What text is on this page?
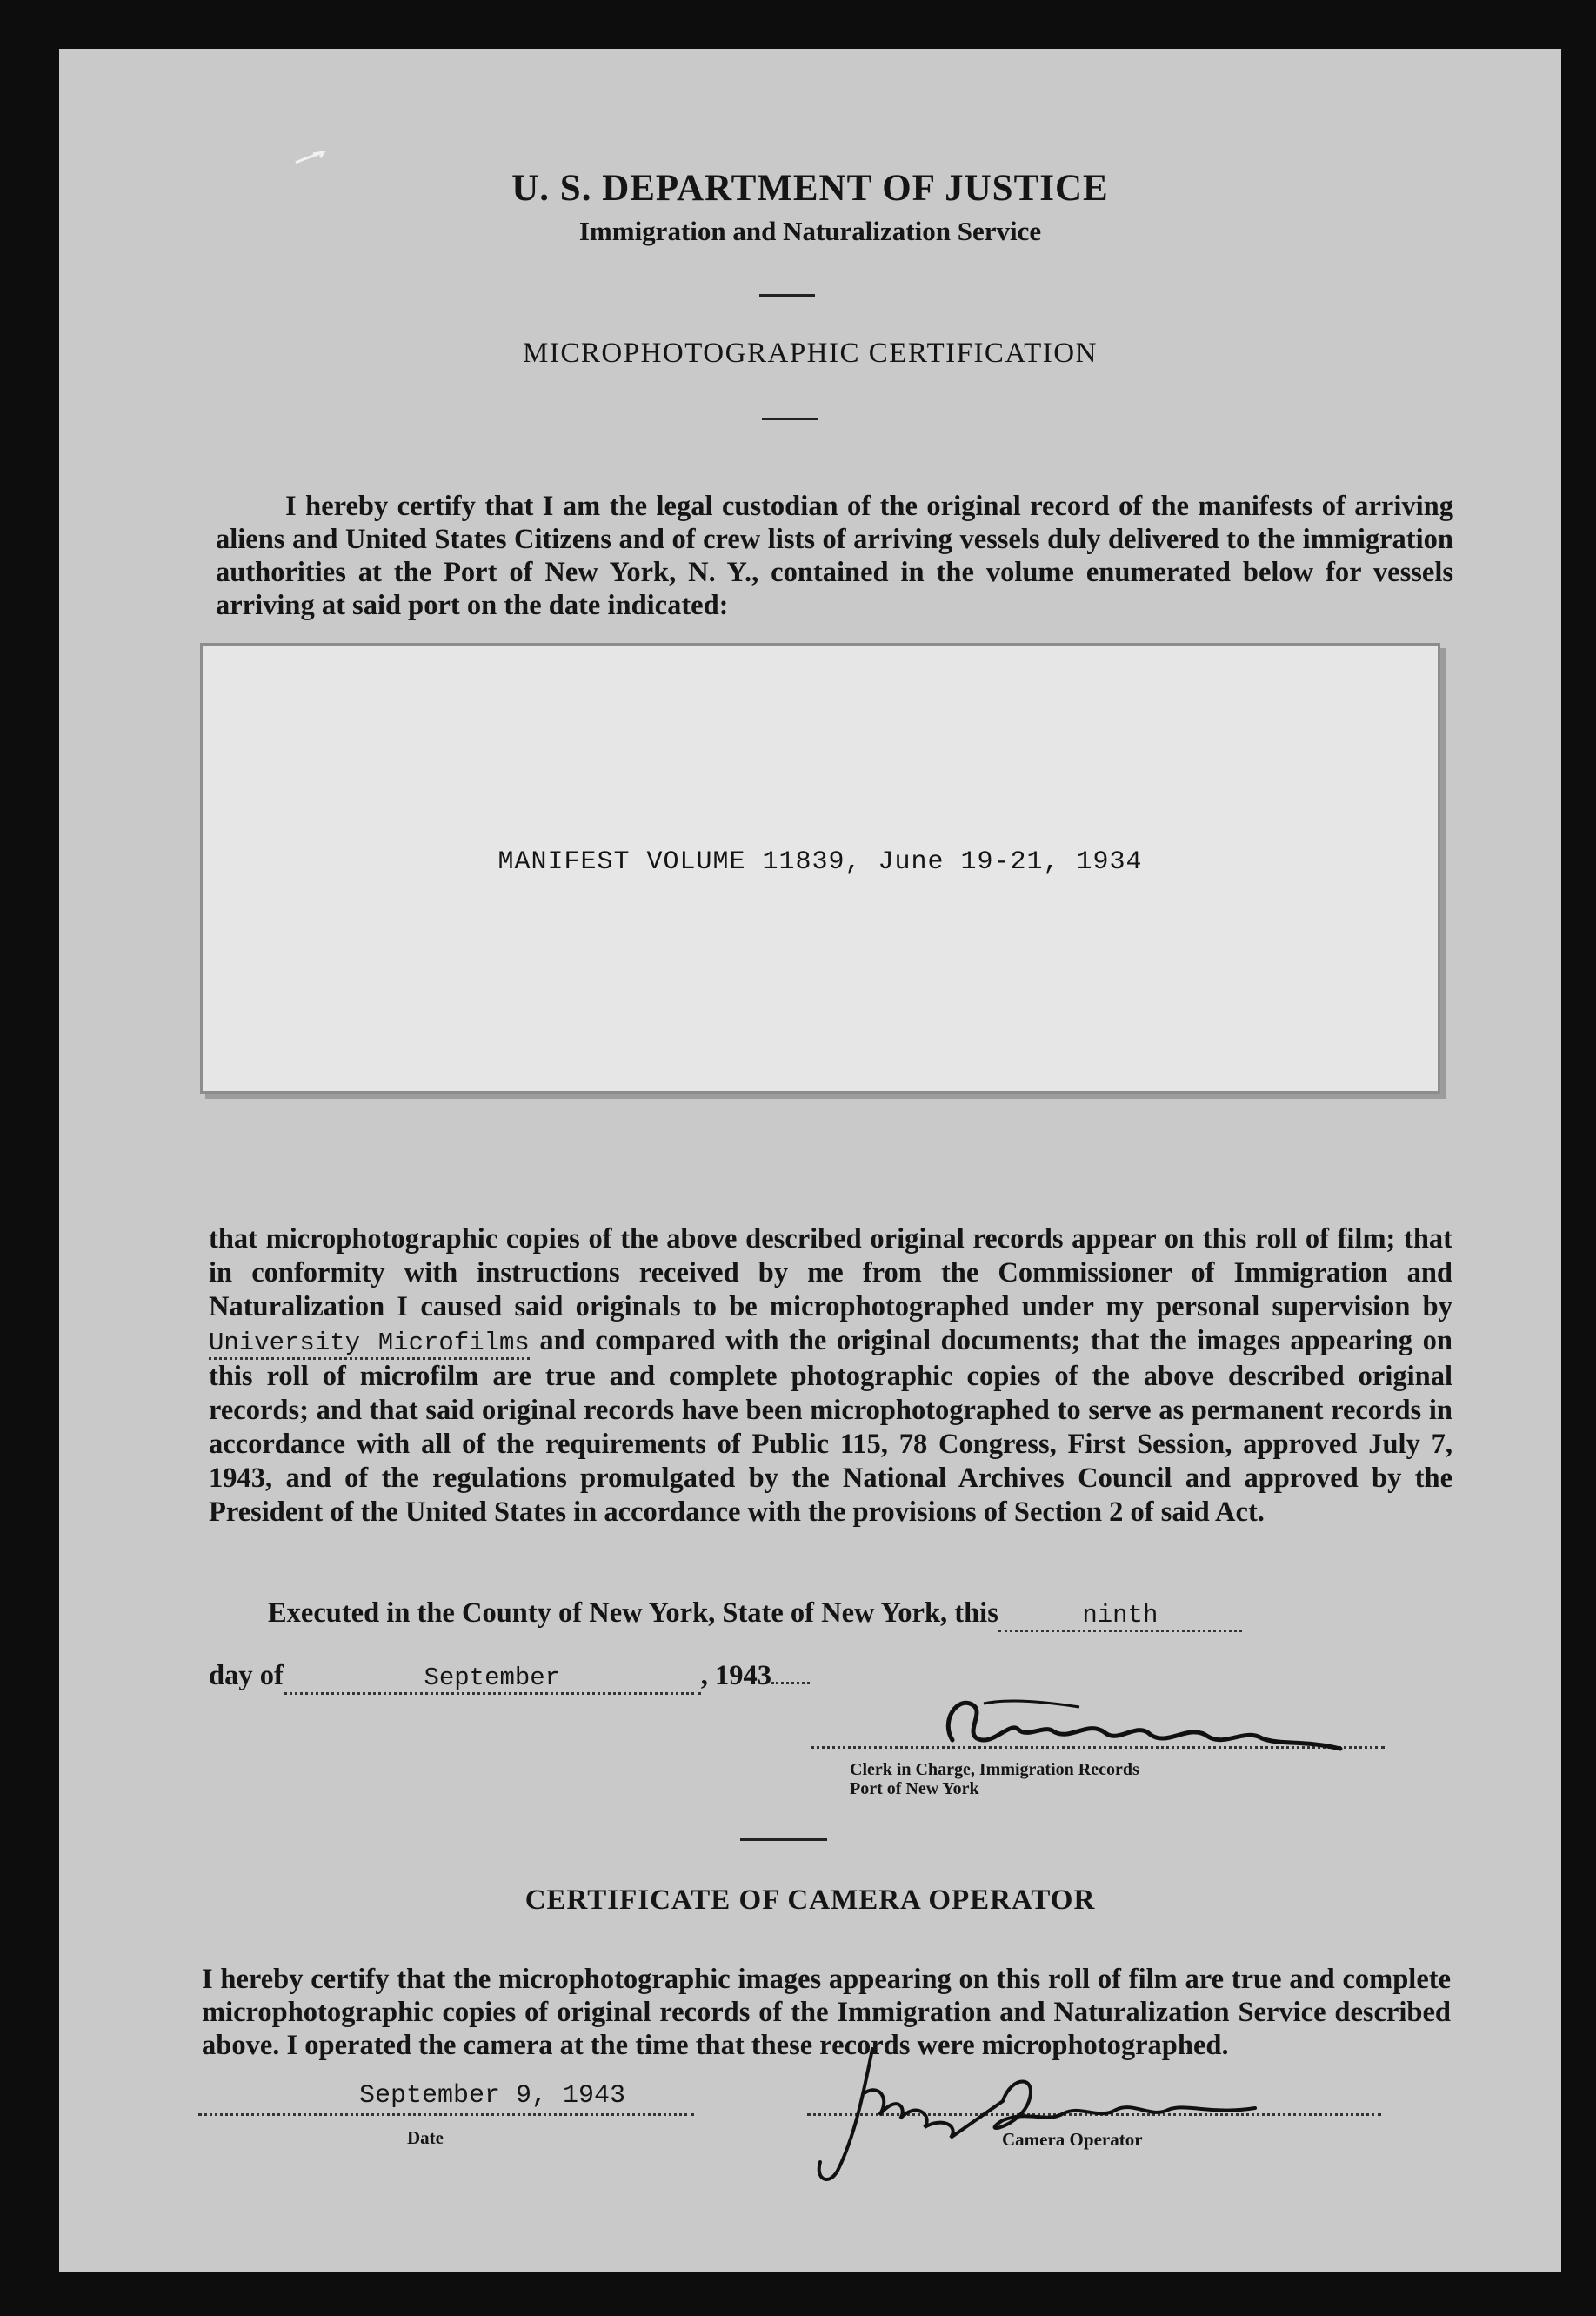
U. S. DEPARTMENT OF JUSTICE
Immigration and Naturalization Service
MICROPHOTOGRAPHIC CERTIFICATION

I hereby certify that I am the legal custodian of the original record of the manifests of arriving aliens and United States Citizens and of crew lists of arriving vessels duly delivered to the immigration authorities at the Port of New York, N. Y., contained in the volume enumerated below for vessels arriving at said port on the date indicated:

MANIFEST VOLUME 11839, June 19-21, 1934

that microphotographic copies of the above described original records appear on this roll of film; that in conformity with instructions received by me from the Commissioner of Immigration and Naturalization I caused said originals to be microphotographed under my personal supervision by University Microfilms and compared with the original documents; that the images appearing on this roll of microfilm are true and complete photographic copies of the above described original records; and that said original records have been microphotographed to serve as permanent records in accordance with all of the requirements of Public 115, 78 Congress, First Session, approved July 7, 1943, and of the regulations promulgated by the National Archives Council and approved by the President of the United States in accordance with the provisions of Section 2 of said Act.

Executed in the County of New York, State of New York, this	ninth
day of	September	, 1943
Clerk in Charge, Immigration Records
Port of New York
CERTIFICATE OF CAMERA OPERATOR

I hereby certify that the microphotographic images appearing on this roll of film are true and complete microphotographic copies of original records of the Immigration and Naturalization Service described above. I operated the camera at the time that these records were microphotographed.

September 9, 1943
Date	Camera Operator
